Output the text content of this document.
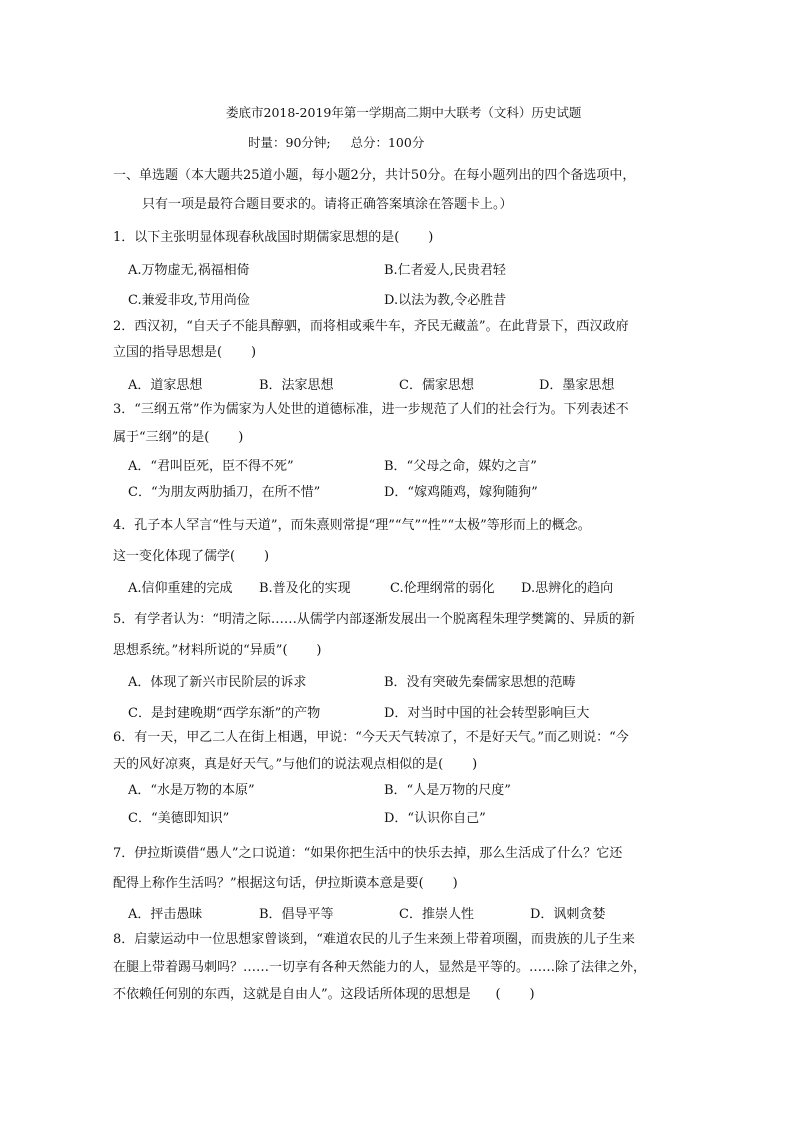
娄底市2018-2019年第一学期高二期中大联考（文科）历史试题
时量：90分钟;     总分：100分
一、单选题（本大题共25道小题，每小题2分，共计50分。在每小题列出的四个备选项中，
只有一项是最符合题目要求的。请将正确答案填涂在答题卡上。）
1．以下主张明显体现春秋战国时期儒家思想的是(       )
A.万物虚无,祸福相倚	B.仁者爱人,民贵君轻
C.兼爱非攻,节用尚俭	D.以法为教,令必胜昔
2．西汉初，“自天子不能具醇驷，而将相或乘牛车，齐民无藏盖”。在此背景下，西汉政府
立国的指导思想是(       )
A．道家思想	B．法家思想	C．儒家思想	D．墨家思想
3．“三纲五常”作为儒家为人处世的道德标准，进一步规范了人们的社会行为。下列表述不
属于“三纲”的是(       )
A．“君叫臣死，臣不得不死”	B．“父母之命，媒妁之言”
C．“为朋友两肋插刀，在所不惜”	D．“嫁鸡随鸡，嫁狗随狗”
4．孔子本人罕言“性与天道”，而朱熹则常提“理”“气”“性”“太极”等形而上的概念。
这一变化体现了儒学(       )
A.信仰重建的完成 B.普及化的实现	C.伦理纲常的弱化 D.思辨化的趋向
5．有学者认为：“明清之际……从儒学内部逐渐发展出一个脱离程朱理学樊篱的、异质的新
思想系统。”材料所说的“异质”(       )
A．体现了新兴市民阶层的诉求	B．没有突破先秦儒家思想的范畴
C．是封建晚期“西学东渐”的产物	D．对当时中国的社会转型影响巨大
6．有一天，甲乙二人在街上相遇，甲说：“今天天气转凉了，不是好天气。”而乙则说：“今
天的风好凉爽，真是好天气。”与他们的说法观点相似的是(       )
A．“水是万物的本原”	B．“人是万物的尺度”
C．“美德即知识”	D．“认识你自己”
7．伊拉斯谟借“愚人”之口说道：“如果你把生活中的快乐去掉，那么生活成了什么？它还
配得上称作生活吗？”根据这句话，伊拉斯谟本意是要(       )
A．抨击愚昧	B．倡导平等	C．推崇人性	D．讽刺贪婪
8．启蒙运动中一位思想家曾谈到，“难道农民的儿子生来颈上带着项圈，而贵族的儿子生来
在腿上带着踢马刺吗？……一切享有各种天然能力的人，显然是平等的。……除了法律之外，
不依赖任何别的东西，这就是自由人”。这段话所体现的思想是      (       )
